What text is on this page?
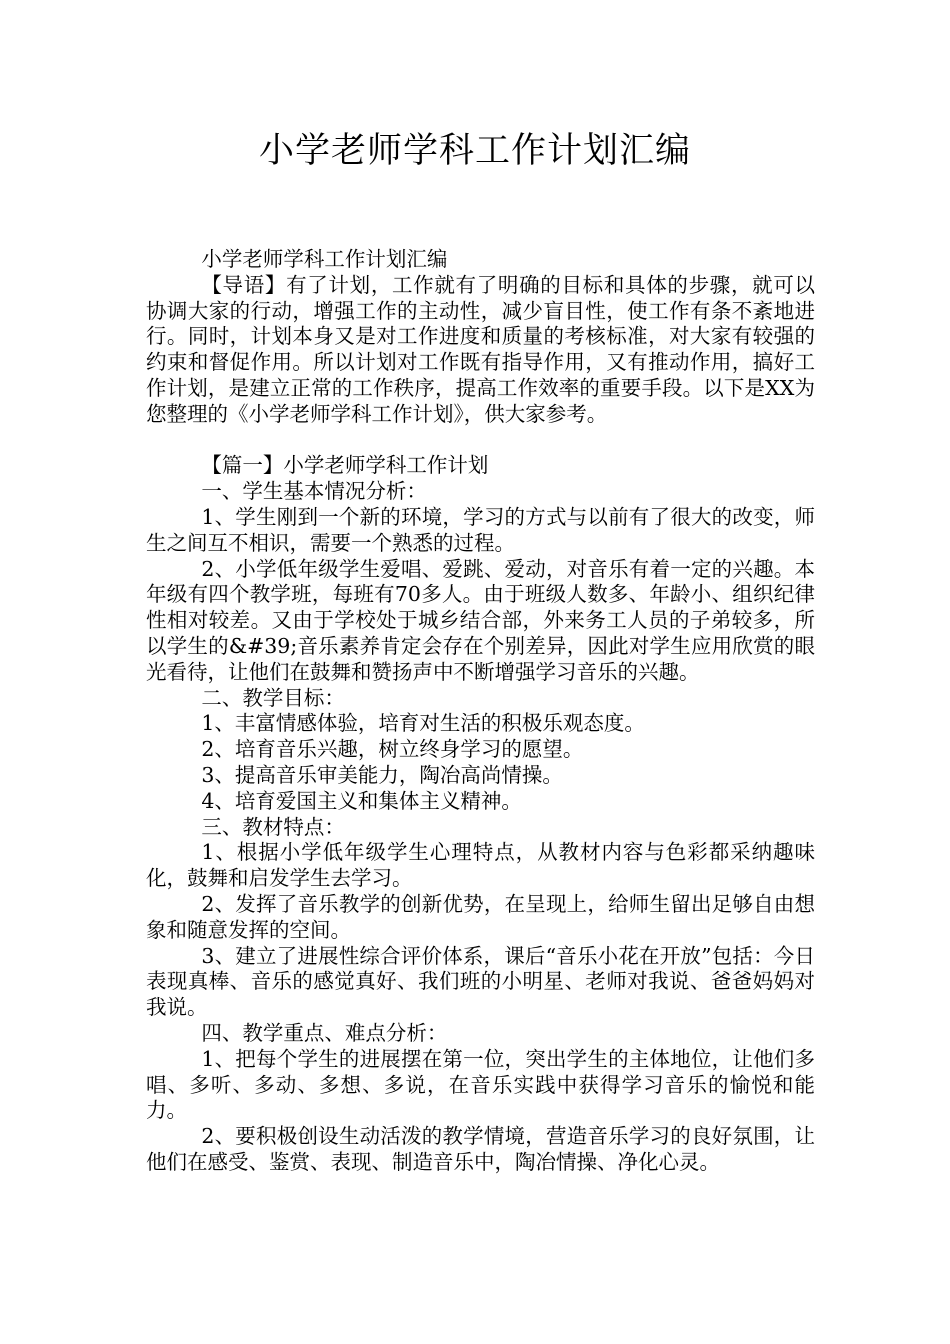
小学老师学科工作计划汇编

小学老师学科工作计划汇编

【导语】有了计划，工作就有了明确的目标和具体的步骤，就可以协调大家的行动，增强工作的主动性，减少盲目性，使工作有条不紊地进行。同时，计划本身又是对工作进度和质量的考核标准，对大家有较强的约束和督促作用。所以计划对工作既有指导作用，又有推动作用，搞好工作计划，是建立正常的工作秩序，提高工作效率的重要手段。以下是XX为您整理的《小学老师学科工作计划》，供大家参考。

【篇一】小学老师学科工作计划

一、学生基本情况分析：

1、学生刚到一个新的环境，学习的方式与以前有了很大的改变，师生之间互不相识，需要一个熟悉的过程。

2、小学低年级学生爱唱、爱跳、爱动，对音乐有着一定的兴趣。本年级有四个教学班，每班有70多人。由于班级人数多、年龄小、组织纪律性相对较差。又由于学校处于城乡结合部，外来务工人员的子弟较多，所以学生的&#39;音乐素养肯定会存在个别差异，因此对学生应用欣赏的眼光看待，让他们在鼓舞和赞扬声中不断增强学习音乐的兴趣。

二、教学目标：

1、丰富情感体验，培育对生活的积极乐观态度。

2、培育音乐兴趣，树立终身学习的愿望。

3、提高音乐审美能力，陶冶高尚情操。

4、培育爱国主义和集体主义精神。

三、教材特点：

1、根据小学低年级学生心理特点，从教材内容与色彩都采纳趣味化，鼓舞和启发学生去学习。

2、发挥了音乐教学的创新优势，在呈现上，给师生留出足够自由想象和随意发挥的空间。

3、建立了进展性综合评价体系，课后“音乐小花在开放”包括：今日表现真棒、音乐的感觉真好、我们班的小明星、老师对我说、爸爸妈妈对我说。

四、教学重点、难点分析：

1、把每个学生的进展摆在第一位，突出学生的主体地位，让他们多唱、多听、多动、多想、多说，在音乐实践中获得学习音乐的愉悦和能力。

2、要积极创设生动活泼的教学情境，营造音乐学习的良好氛围，让他们在感受、鉴赏、表现、制造音乐中，陶冶情操、净化心灵。
